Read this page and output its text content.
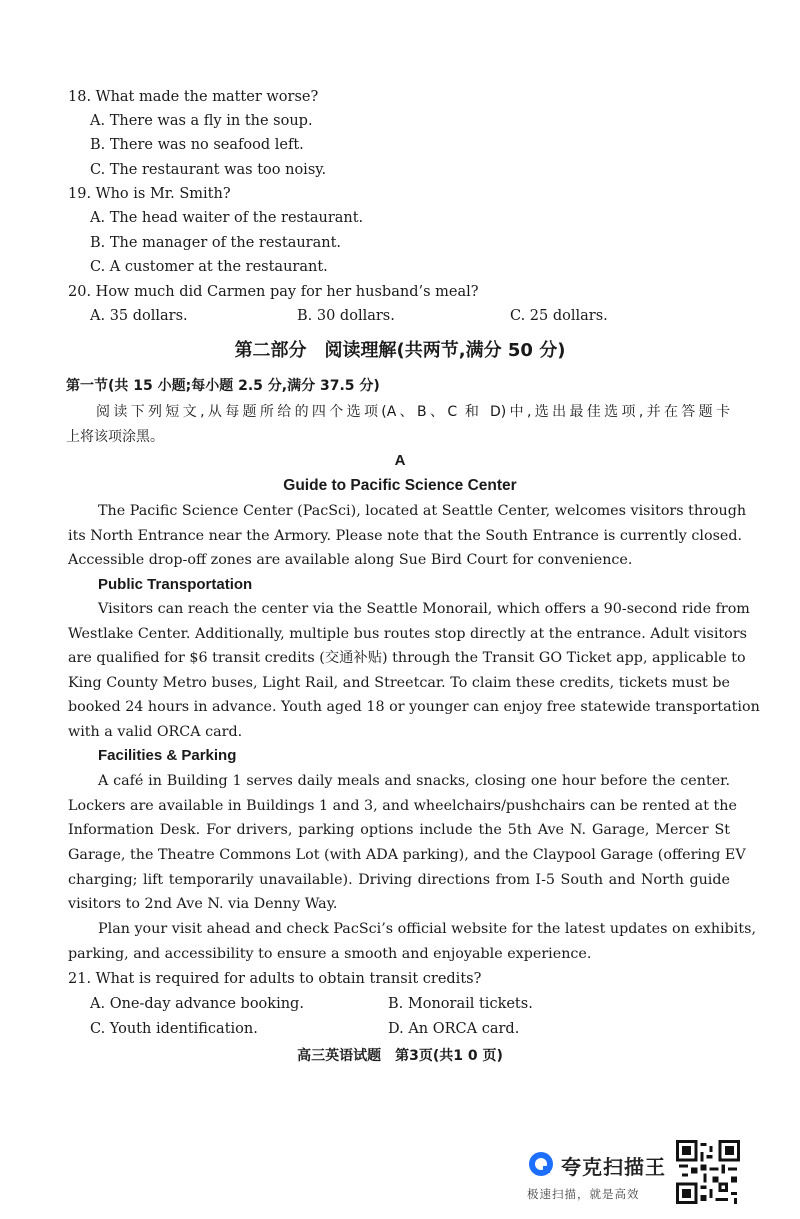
18. What made the matter worse?
A. There was a fly in the soup.
B. There was no seafood left.
C. The restaurant was too noisy.
19. Who is Mr. Smith?
A. The head waiter of the restaurant.
B. The manager of the restaurant.
C. A customer at the restaurant.
20. How much did Carmen pay for her husband’s meal?
A. 35 dollars.	B. 30 dollars.	C. 25 dollars.
第二部分　阅读理解(共两节,满分 50 分)
第一节(共 15 小题;每小题 2.5 分,满分 37.5 分)
阅读下列短文,从每题所给的四个选项(A、B、C 和 D)中,选出最佳选项,并在答题卡
上将该项涂黑。
A
Guide to Pacific Science Center
The Pacific Science Center (PacSci), located at Seattle Center, welcomes visitors through
its North Entrance near the Armory. Please note that the South Entrance is currently closed.
Accessible drop-off zones are available along Sue Bird Court for convenience.
Public Transportation
Visitors can reach the center via the Seattle Monorail, which offers a 90-second ride from
Westlake Center. Additionally, multiple bus routes stop directly at the entrance. Adult visitors
are qualified for $6 transit credits (交通补贴) through the Transit GO Ticket app, applicable to
King County Metro buses, Light Rail, and Streetcar. To claim these credits, tickets must be
booked 24 hours in advance. Youth aged 18 or younger can enjoy free statewide transportation
with a valid ORCA card.
Facilities & Parking
A café in Building 1 serves daily meals and snacks, closing one hour before the center.
Lockers are available in Buildings 1 and 3, and wheelchairs/pushchairs can be rented at the
Information Desk. For drivers, parking options include the 5th Ave N. Garage, Mercer St
Garage, the Theatre Commons Lot (with ADA parking), and the Claypool Garage (offering EV
charging; lift temporarily unavailable). Driving directions from I-5 South and North guide
visitors to 2nd Ave N. via Denny Way.
Plan your visit ahead and check PacSci’s official website for the latest updates on exhibits,
parking, and accessibility to ensure a smooth and enjoyable experience.
21. What is required for adults to obtain transit credits?
A. One-day advance booking.	B. Monorail tickets.
C. Youth identification.	D. An ORCA card.
高三英语试题　第3页(共1 0 页)
夸克扫描王
极速扫描，就是高效
